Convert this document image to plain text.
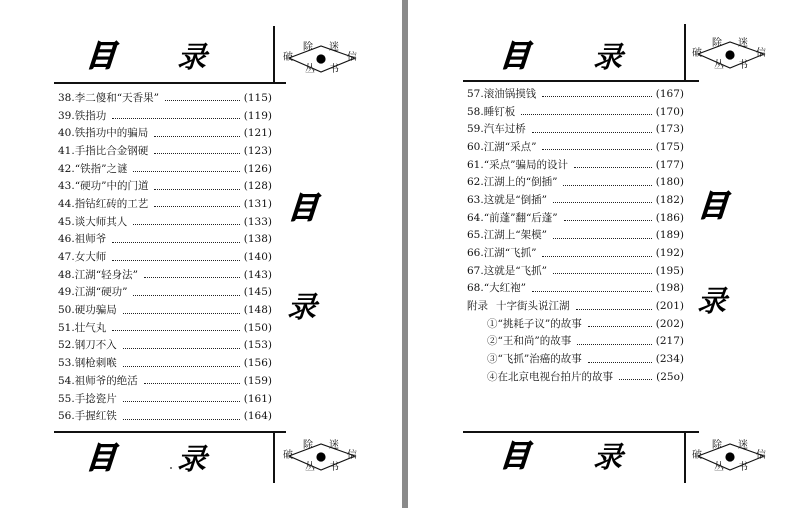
目 录	破
除 迷
信
丛 书
38. 李二傻和“天香果”	(115)
39. 铁指功	(119)
40. 铁指功中的骗局	(121)
41. 手指比合金钢硬	(123)
42. “铁指”之谜	(126)
43. “硬功”中的门道	(128)
44. 指钻红砖的工艺	(131)
45. 谈大师其人	(133)
46. 祖师爷	(138)
47. 女大师	(140)
48. 江湖“轻身法”	(143)
49. 江湖“硬功”	(145)
50. 硬功骗局	(148)
51. 壮气丸	(150)
52. 钢刀不入	(153)
53. 钢枪刺喉	(156)
54. 祖师爷的绝活	(159)
55. 手捻瓷片	(161)
56. 手握红铁	(164)
目 录	破
除 迷
信
丛 书
目
录
目 录	破
除 迷
信
丛 书
57. 滚油锅摸钱	(167)
58. 睡钉板	(170)
59. 汽车过桥	(173)
60. 江湖“采点”	(175)
61. “采点”骗局的设计	(177)
62. 江湖上的“倒插”	(180)
63. 这就是“倒插”	(182)
64. “前蓬”翻“后蓬”	(186)
65. 江湖上“架模”	(189)
66. 江湖“飞抓”	(192)
67. 这就是“飞抓”	(195)
68. “大红袍”	(198)
附录 十字街头说江湖	(201)
①“挑耗子议”的故事	(202)
②“王和尚”的故事	(217)
③“飞抓”治癌的故事	(234)
④在北京电视台拍片的故事	(25o)
目 录	破
除 迷
信
丛 书
目
录
